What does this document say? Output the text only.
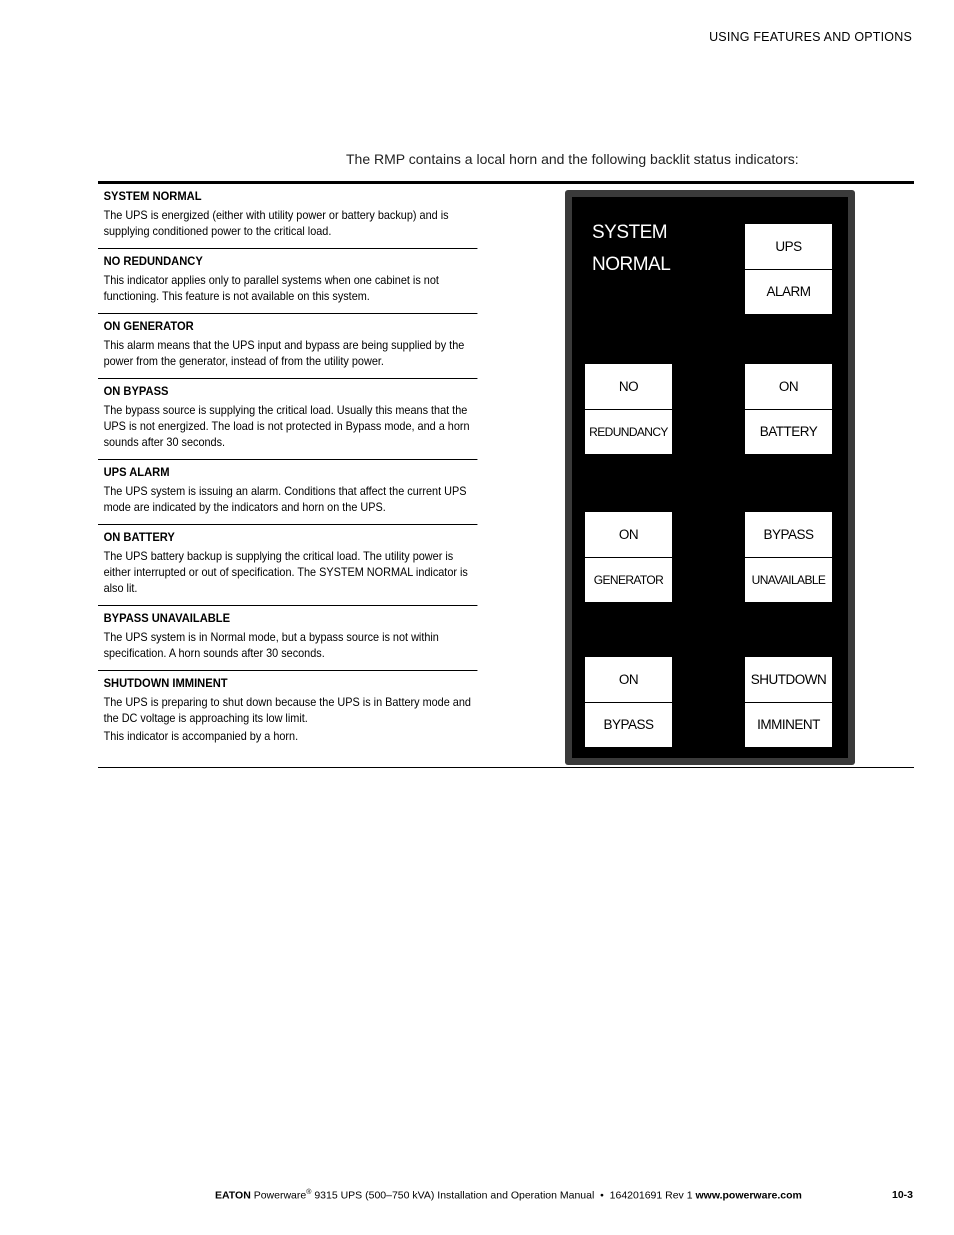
USING FEATURES AND OPTIONS
The RMP contains a local horn and the following backlit status indicators:
SYSTEM NORMAL

The UPS is energized (either with utility power or battery backup) and is supplying conditioned power to the critical load.

NO REDUNDANCY

This indicator applies only to parallel systems when one cabinet is not functioning. This feature is not available on this system.

ON GENERATOR

This alarm means that the UPS input and bypass are being supplied by the power from the generator, instead of from the utility power.

ON BYPASS

The bypass source is supplying the critical load. Usually this means that the UPS is not energized. The load is not protected in Bypass mode, and a horn sounds after 30 seconds.

UPS ALARM

The UPS system is issuing an alarm. Conditions that affect the current UPS mode are indicated by the indicators and horn on the UPS.

ON BATTERY

The UPS battery backup is supplying the critical load. The utility power is either interrupted or out of specification. The SYSTEM NORMAL indicator is also lit.

BYPASS UNAVAILABLE

The UPS system is in Normal mode, but a bypass source is not within specification. A horn sounds after 30 seconds.

SHUTDOWN IMMINENT

The UPS is preparing to shut down because the UPS is in Battery mode and the DC voltage is approaching its low limit.

This indicator is accompanied by a horn.

SYSTEM
NORMAL
UPS
ALARM
NO
REDUNDANCY
ON
BATTERY
ON
GENERATOR
BYPASS
UNAVAILABLE
ON
BYPASS
SHUTDOWN
IMMINENT
EATON Powerware® 9315 UPS (500–750 kVA) Installation and Operation Manual  •  164201691 Rev 1 www.powerware.com	10-3
